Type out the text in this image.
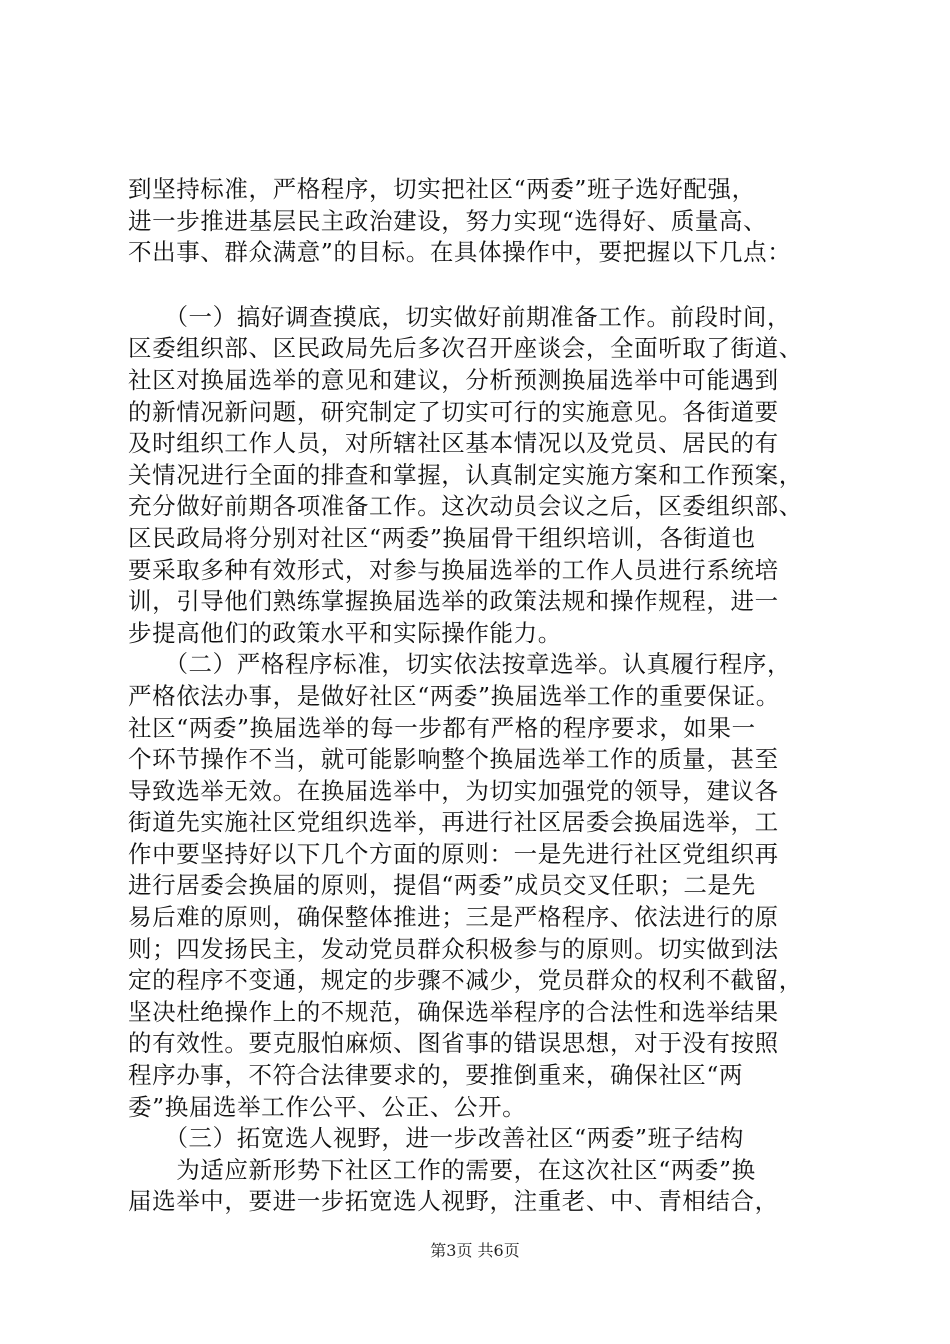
到坚持标准，严格程序，切实把社区“两委”班子选好配强，
进一步推进基层民主政治建设，努力实现“选得好、质量高、
不出事、群众满意”的目标。在具体操作中，要把握以下几点：
　　（一）搞好调查摸底，切实做好前期准备工作。前段时间，
区委组织部、区民政局先后多次召开座谈会，全面听取了街道、
社区对换届选举的意见和建议，分析预测换届选举中可能遇到
的新情况新问题，研究制定了切实可行的实施意见。各街道要
及时组织工作人员，对所辖社区基本情况以及党员、居民的有
关情况进行全面的排查和掌握，认真制定实施方案和工作预案，
充分做好前期各项准备工作。这次动员会议之后，区委组织部、
区民政局将分别对社区“两委”换届骨干组织培训，各街道也
要采取多种有效形式，对参与换届选举的工作人员进行系统培
训，引导他们熟练掌握换届选举的政策法规和操作规程，进一
步提高他们的政策水平和实际操作能力。
　　（二）严格程序标准，切实依法按章选举。认真履行程序，
严格依法办事，是做好社区“两委”换届选举工作的重要保证。
社区“两委”换届选举的每一步都有严格的程序要求，如果一
个环节操作不当，就可能影响整个换届选举工作的质量，甚至
导致选举无效。在换届选举中，为切实加强党的领导，建议各
街道先实施社区党组织选举，再进行社区居委会换届选举，工
作中要坚持好以下几个方面的原则：一是先进行社区党组织再
进行居委会换届的原则，提倡“两委”成员交叉任职；二是先
易后难的原则，确保整体推进；三是严格程序、依法进行的原
则；四发扬民主，发动党员群众积极参与的原则。切实做到法
定的程序不变通，规定的步骤不减少，党员群众的权利不截留，
坚决杜绝操作上的不规范，确保选举程序的合法性和选举结果
的有效性。要克服怕麻烦、图省事的错误思想，对于没有按照
程序办事，不符合法律要求的，要推倒重来，确保社区“两
委”换届选举工作公平、公正、公开。
　　（三）拓宽选人视野，进一步改善社区“两委”班子结构
　　为适应新形势下社区工作的需要，在这次社区“两委”换
届选举中，要进一步拓宽选人视野，注重老、中、青相结合，
第3页 共6页
